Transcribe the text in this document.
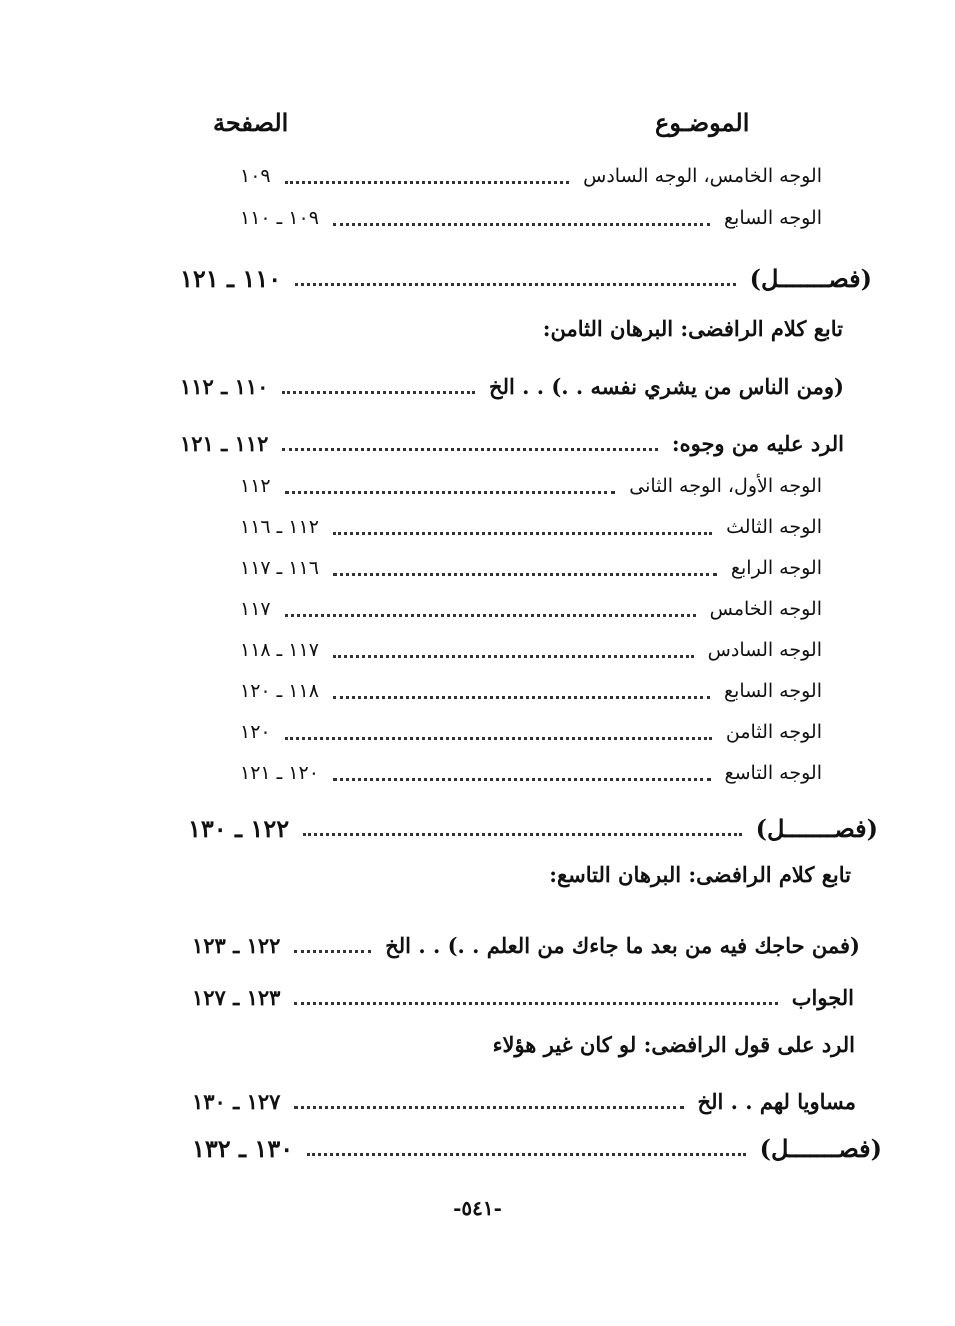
الموضـوع
الصفحة
الوجه الخامس، الوجه السادس
١٠٩
الوجه السابع
١٠٩ ـ ١١٠
(فصـــــــل)
١١٠ ـ ١٢١
تابع كلام الرافضى: البرهان الثامن:
(ومن الناس من يشري نفسه . .) . . الخ
١١٠ ـ ١١٢
الرد عليه من وجوه:
١١٢ ـ ١٢١
الوجه الأول، الوجه الثانى
١١٢
الوجه الثالث
١١٢ ـ ١١٦
الوجه الرابع
١١٦ ـ ١١٧
الوجه الخامس
١١٧
الوجه السادس
١١٧ ـ ١١٨
الوجه السابع
١١٨ ـ ١٢٠
الوجه الثامن
١٢٠
الوجه التاسع
١٢٠ ـ ١٢١
(فصـــــــل)
١٢٢ ـ ١٣٠
تابع كلام الرافضى: البرهان التاسع:
(فمن حاجك فيه من بعد ما جاءك من العلم . .) . . الخ
١٢٢ ـ ١٢٣
الجواب
١٢٣ ـ ١٢٧
الرد على قول الرافضى: لو كان غير هؤلاء
مساويا لهم . . الخ
١٢٧ ـ ١٣٠
(فصـــــــل)
١٣٠ ـ ١٣٢
-٥٤١-
